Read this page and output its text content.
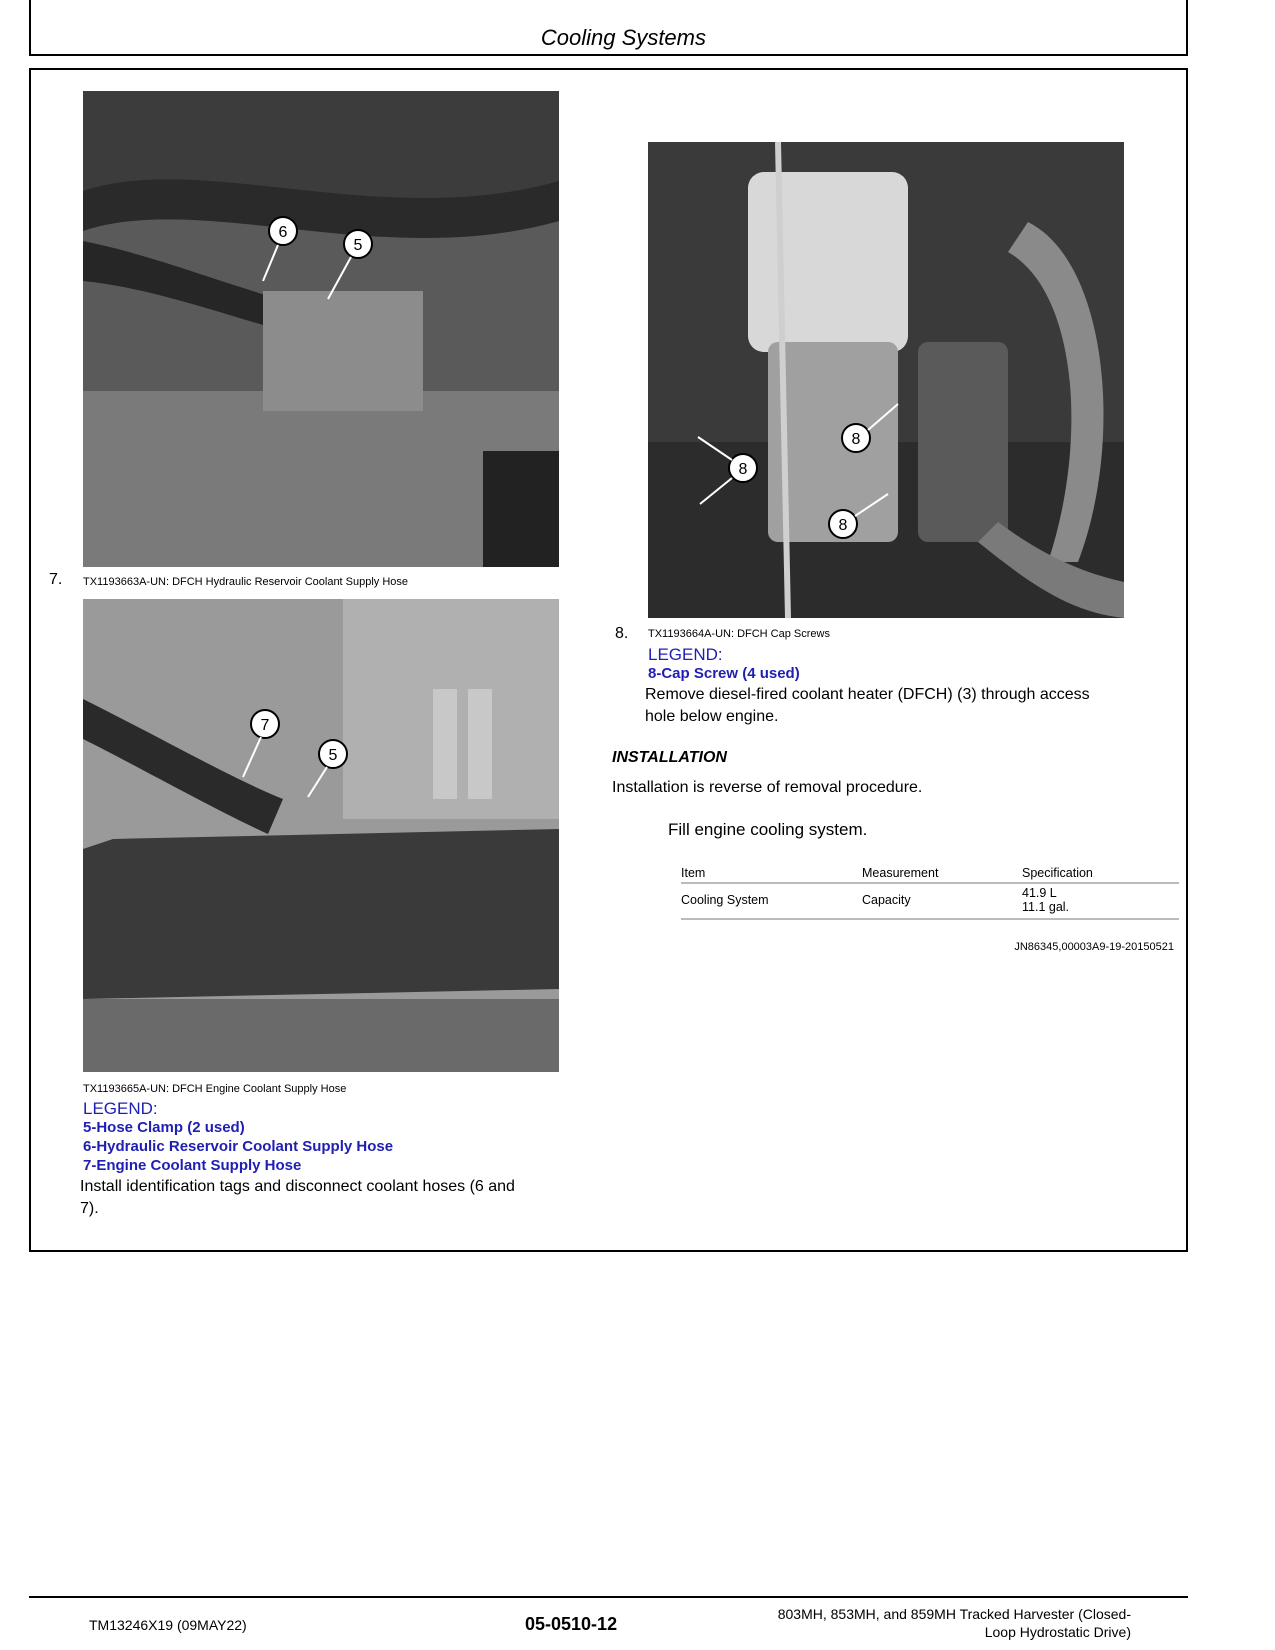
Cooling Systems
6
5
7. TX1193663A-UN: DFCH Hydraulic Reservoir Coolant Supply Hose
7
5
TX1193665A-UN: DFCH Engine Coolant Supply Hose
LEGEND:
5-Hose Clamp (2 used)
6-Hydraulic Reservoir Coolant Supply Hose
7-Engine Coolant Supply Hose
Install identification tags and disconnect coolant hoses (6 and
7).
8
8
8
8. TX1193664A-UN: DFCH Cap Screws
LEGEND:
8-Cap Screw (4 used)
Remove diesel-fired coolant heater (DFCH) (3) through access
hole below engine.
INSTALLATION
Installation is reverse of removal procedure.
Fill engine cooling system.
Item	Measurement	Specification
Cooling System	Capacity	41.9 L
11.1 gal.
JN86345,00003A9-19-20150521
TM13246X19 (09MAY22)	05-0510-12	803MH, 853MH, and 859MH Tracked Harvester (Closed-
Loop Hydrostatic Drive)
